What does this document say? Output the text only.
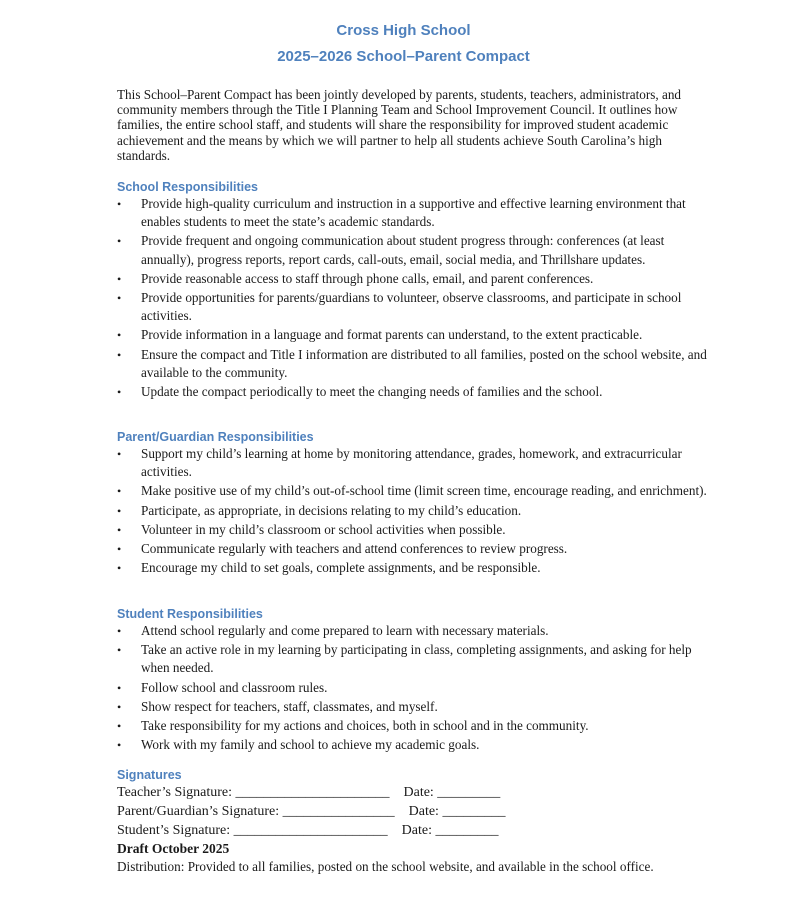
Cross High School
2025–2026 School–Parent Compact
This School–Parent Compact has been jointly developed by parents, students, teachers, administrators, and community members through the Title I Planning Team and School Improvement Council. It outlines how families, the entire school staff, and students will share the responsibility for improved student academic achievement and the means by which we will partner to help all students achieve South Carolina’s high standards.
School Responsibilities
• Provide high-quality curriculum and instruction in a supportive and effective learning environment that enables students to meet the state’s academic standards.
• Provide frequent and ongoing communication about student progress through: conferences (at least annually), progress reports, report cards, call-outs, email, social media, and Thrillshare updates.
• Provide reasonable access to staff through phone calls, email, and parent conferences.
• Provide opportunities for parents/guardians to volunteer, observe classrooms, and participate in school activities.
• Provide information in a language and format parents can understand, to the extent practicable.
• Ensure the compact and Title I information are distributed to all families, posted on the school website, and available to the community.
• Update the compact periodically to meet the changing needs of families and the school.
Parent/Guardian Responsibilities
• Support my child’s learning at home by monitoring attendance, grades, homework, and extracurricular activities.
• Make positive use of my child’s out-of-school time (limit screen time, encourage reading, and enrichment).
• Participate, as appropriate, in decisions relating to my child’s education.
• Volunteer in my child’s classroom or school activities when possible.
• Communicate regularly with teachers and attend conferences to review progress.
• Encourage my child to set goals, complete assignments, and be responsible.
Student Responsibilities
• Attend school regularly and come prepared to learn with necessary materials.
• Take an active role in my learning by participating in class, completing assignments, and asking for help when needed.
• Follow school and classroom rules.
• Show respect for teachers, staff, classmates, and myself.
• Take responsibility for my actions and choices, both in school and in the community.
• Work with my family and school to achieve my academic goals.
Signatures
Teacher’s Signature: ______________________    Date: _________
Parent/Guardian’s Signature: ________________    Date: _________
Student’s Signature: ______________________    Date: _________
Draft October 2025
Distribution: Provided to all families, posted on the school website, and available in the school office.
